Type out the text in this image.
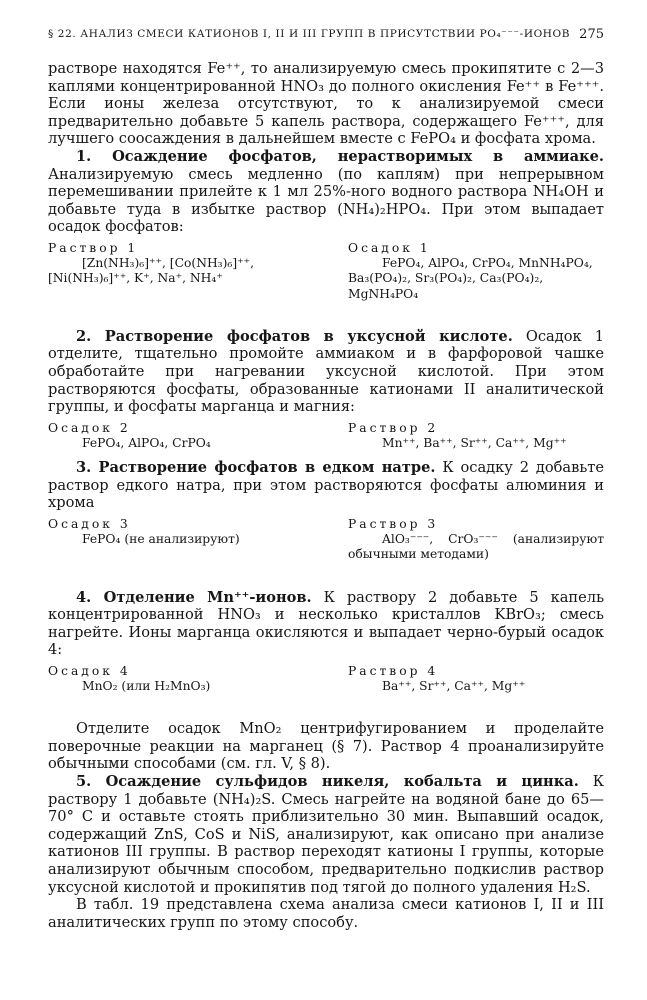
§ 22. АНАЛИЗ СМЕСИ КАТИОНОВ I, II И III ГРУПП В ПРИСУТСТВИИ PO₄⁻⁻⁻-ИОНОВ 275

растворе находятся Fe⁺⁺, то анализируемую смесь прокипятите с 2—3 каплями концентрированной HNO₃ до полного окисления Fe⁺⁺ в Fe⁺⁺⁺. Если ионы железа отсутствуют, то к анализируемой смеси предварительно добавьте 5 капель раствора, содержащего Fe⁺⁺⁺, для лучшего соосаждения в дальнейшем вместе с FePO₄ и фосфата хрома.

1. Осаждение фосфатов, нерастворимых в аммиаке. Анализируемую смесь медленно (по каплям) при непрерывном перемешивании прилейте к 1 мл 25%-ного водного раствора NH₄OH и добавьте туда в избытке раствор (NH₄)₂HPO₄. При этом выпадает осадок фосфатов:

Раствор 1
[Zn(NH₃)₆]⁺⁺, [Co(NH₃)₆]⁺⁺,
[Ni(NH₃)₆]⁺⁺, K⁺, Na⁺, NH₄⁺
Осадок 1
FePO₄, AlPO₄, CrPO₄, MnNH₄PO₄,
Ba₃(PO₄)₂, Sr₃(PO₄)₂, Ca₃(PO₄)₂,
MgNH₄PO₄

2. Растворение фосфатов в уксусной кислоте. Осадок 1 отделите, тщательно промойте аммиаком и в фарфоровой чашке обработайте при нагревании уксусной кислотой. При этом растворяются фосфаты, образованные катионами II аналитической группы, и фосфаты марганца и магния:

Осадок 2
FePO₄, AlPO₄, CrPO₄
Раствор 2
Mn⁺⁺, Ba⁺⁺, Sr⁺⁺, Ca⁺⁺, Mg⁺⁺

3. Растворение фосфатов в едком натре. К осадку 2 добавьте раствор едкого натра, при этом растворяются фосфаты алюминия и хрома

Осадок 3
FePO₄ (не анализируют)
Раствор 3
AlO₃⁻⁻⁻, CrO₃⁻⁻⁻ (анализируют
обычными методами)

4. Отделение Mn⁺⁺-ионов. К раствору 2 добавьте 5 капель концентрированной HNO₃ и несколько кристаллов KBrO₃; смесь нагрейте. Ионы марганца окисляются и выпадает черно-бурый осадок 4:

Осадок 4
MnO₂ (или H₂MnO₃)
Раствор 4
Ba⁺⁺, Sr⁺⁺, Ca⁺⁺, Mg⁺⁺

Отделите осадок MnO₂ центрифугированием и проделайте поверочные реакции на марганец (§ 7). Раствор 4 проанализируйте обычными способами (см. гл. V, § 8).

5. Осаждение сульфидов никеля, кобальта и цинка. К раствору 1 добавьте (NH₄)₂S. Смесь нагрейте на водяной бане до 65—70° C и оставьте стоять приблизительно 30 мин. Выпавший осадок, содержащий ZnS, CoS и NiS, анализируют, как описано при анализе катионов III группы. В раствор переходят катионы I группы, которые анализируют обычным способом, предварительно подкислив раствор уксусной кислотой и прокипятив под тягой до полного удаления H₂S.

В табл. 19 представлена схема анализа смеси катионов I, II и III аналитических групп по этому способу.
